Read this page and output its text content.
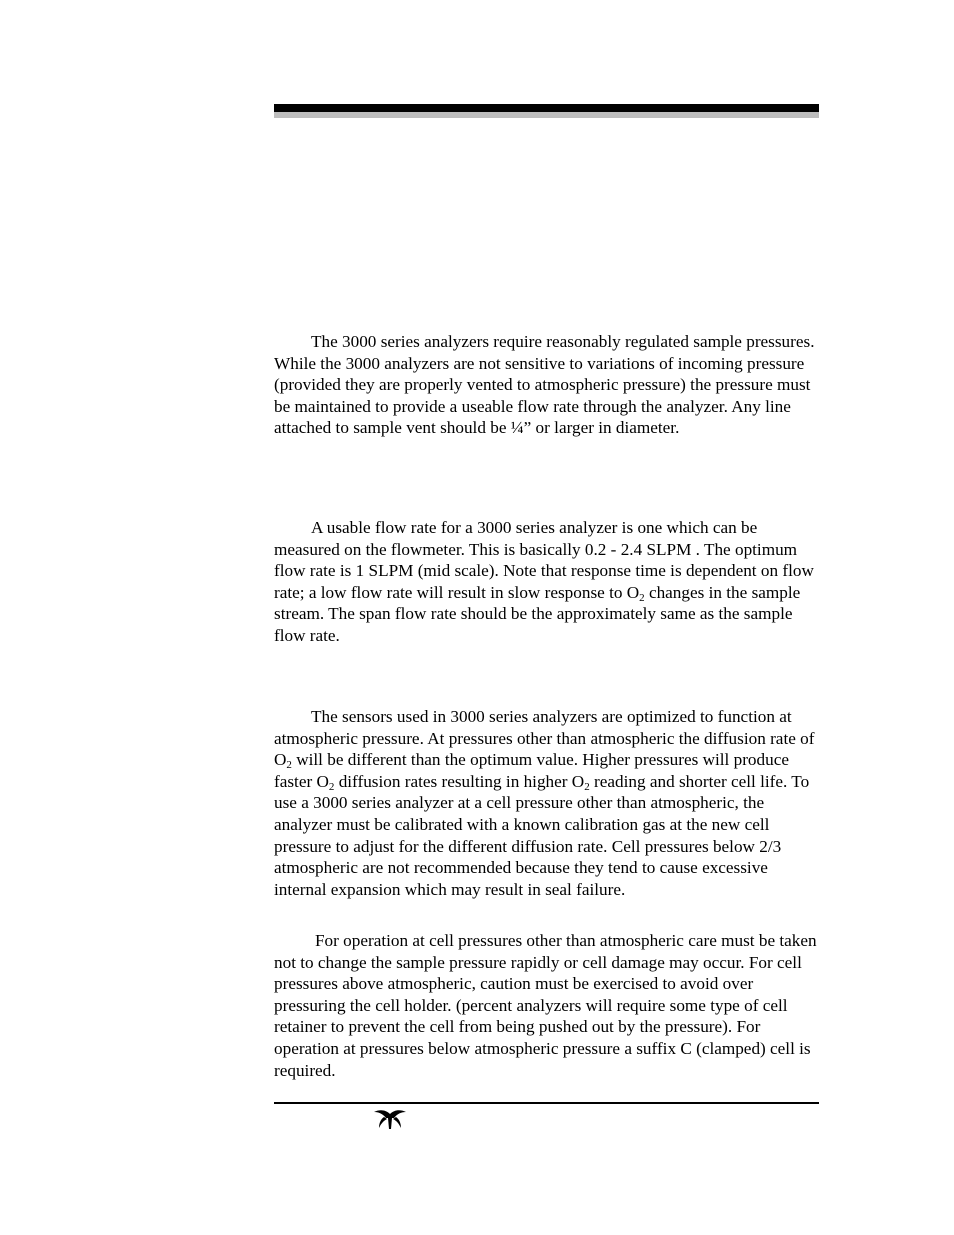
The 3000 series analyzers require reasonably regulated sample pressures. While the 3000 analyzers are not sensitive to variations of incoming pressure (provided they are properly vented to atmospheric pressure) the pressure must be maintained to provide a useable flow rate through the analyzer. Any line attached to sample vent should be ¼” or larger in diameter.

A usable flow rate for a 3000 series analyzer is one which can be measured on the flowmeter. This is basically 0.2 - 2.4 SLPM . The optimum flow rate is 1 SLPM (mid scale). Note that response time is dependent on flow rate; a low flow rate will result in slow response to $O_2$ changes in the sample stream. The span flow rate should be the approximately same as the sample flow rate.

The sensors used in 3000 series analyzers are optimized to function at atmospheric pressure. At pressures other than atmospheric the diffusion rate of $O_2$ will be different than the optimum value. Higher pressures will produce faster $O_2$ diffusion rates resulting in higher $O_2$ reading and shorter cell life. To use a 3000 series analyzer at a cell pressure other than atmospheric, the analyzer must be calibrated with a known calibration gas at the new cell pressure to adjust for the different diffusion rate. Cell pressures below 2/3 atmospheric are not recommended because they tend to cause excessive internal expansion which may result in seal failure.

For operation at cell pressures other than atmospheric care must be taken not to change the sample pressure rapidly or cell damage may occur. For cell pressures above atmospheric, caution must be exercised to avoid over pressuring the cell holder. (percent analyzers will require some type of cell retainer to prevent the cell from being pushed out by the pressure). For operation at pressures below atmospheric pressure a suffix C (clamped) cell is required.
